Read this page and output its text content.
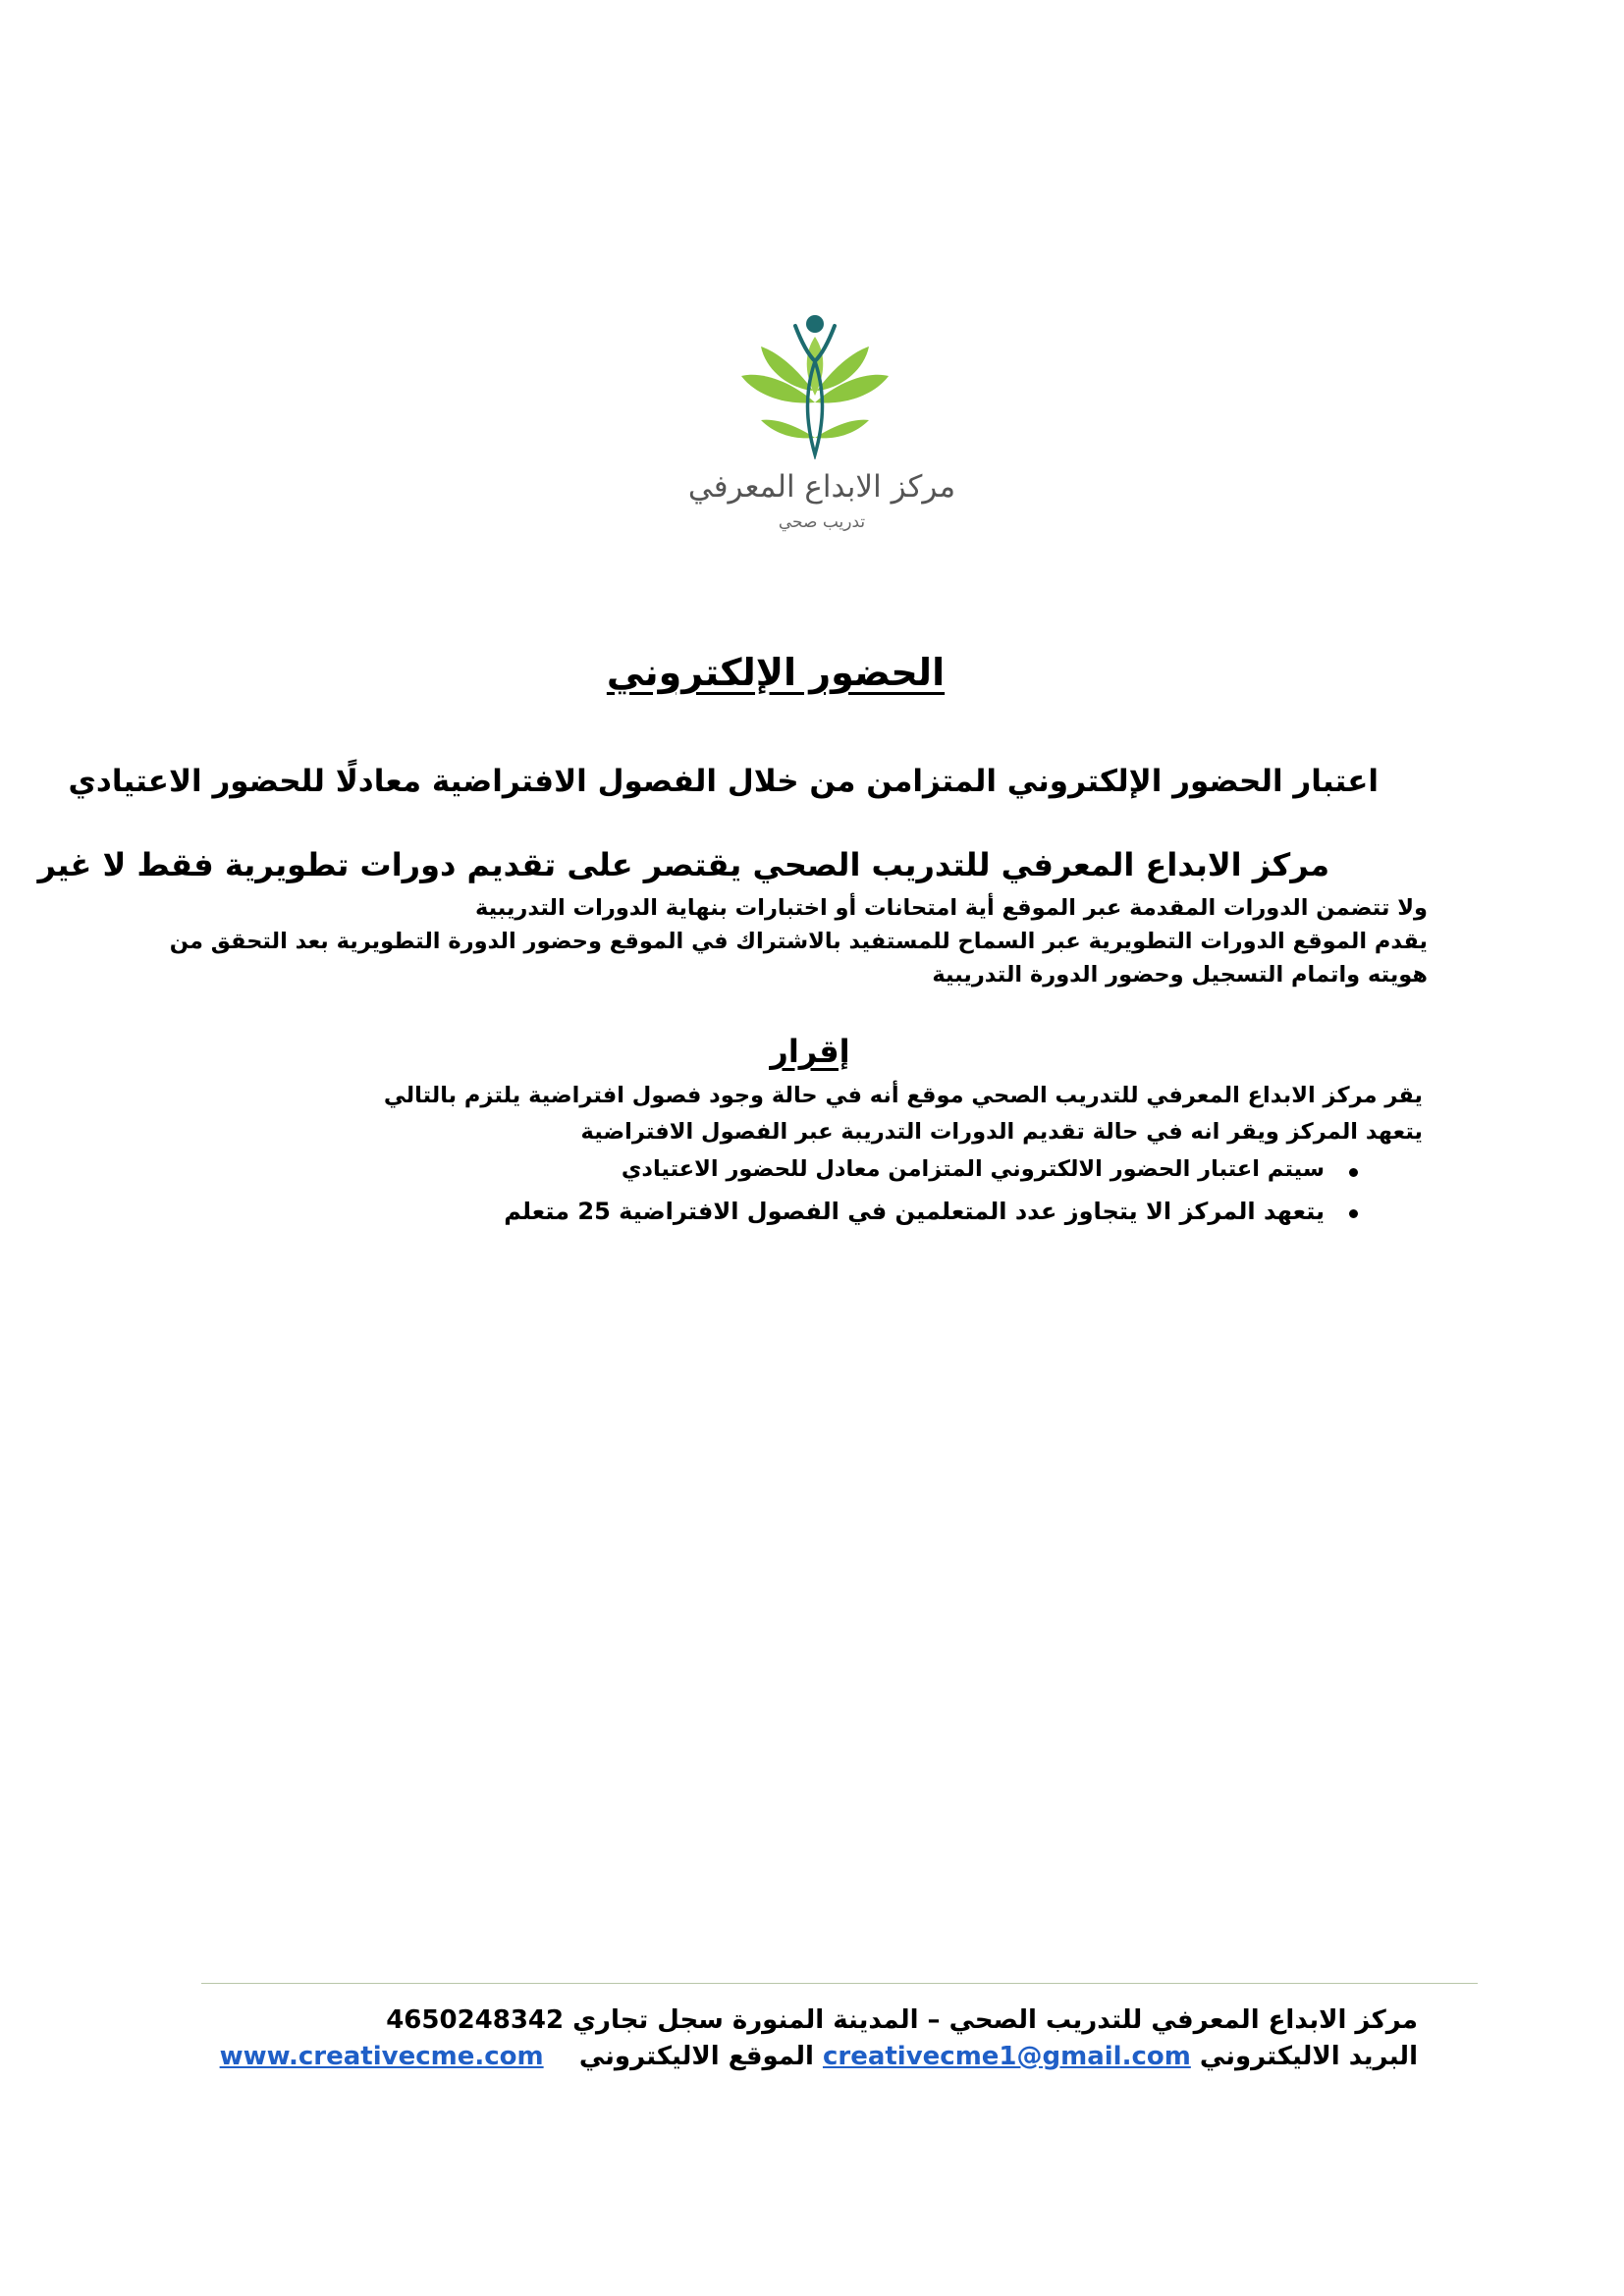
مركز الابداع المعرفي
تدريب صحي
الحضور الإلكتروني
اعتبار الحضور الإلكتروني المتزامن من خلال الفصول الافتراضية معادلًا للحضور الاعتيادي
مركز الابداع المعرفي للتدريب الصحي يقتصر على تقديم دورات تطويرية فقط لا غير
ولا تتضمن الدورات المقدمة عبر الموقع أية امتحانات أو اختبارات بنهاية الدورات التدريبية
يقدم الموقع الدورات التطويرية عبر السماح للمستفيد بالاشتراك في الموقع وحضور الدورة التطويرية بعد التحقق من
هويته واتمام التسجيل وحضور الدورة التدريبية
إقرار
يقر مركز الابداع المعرفي للتدريب الصحي موقع أنه في حالة وجود فصول افتراضية يلتزم بالتالي
يتعهد المركز ويقر انه في حالة تقديم الدورات التدريبة عبر الفصول الافتراضية
سيتم اعتبار الحضور الالكتروني المتزامن معادل للحضور الاعتيادي
يتعهد المركز الا يتجاوز عدد المتعلمين في الفصول الافتراضية 25 متعلم
مركز الابداع المعرفي للتدريب الصحي – المدينة المنورة سجل تجاري 4650248342
البريد الاليكتروني creativecme1@gmail.com الموقع الاليكتروني    www.creativecme.com
